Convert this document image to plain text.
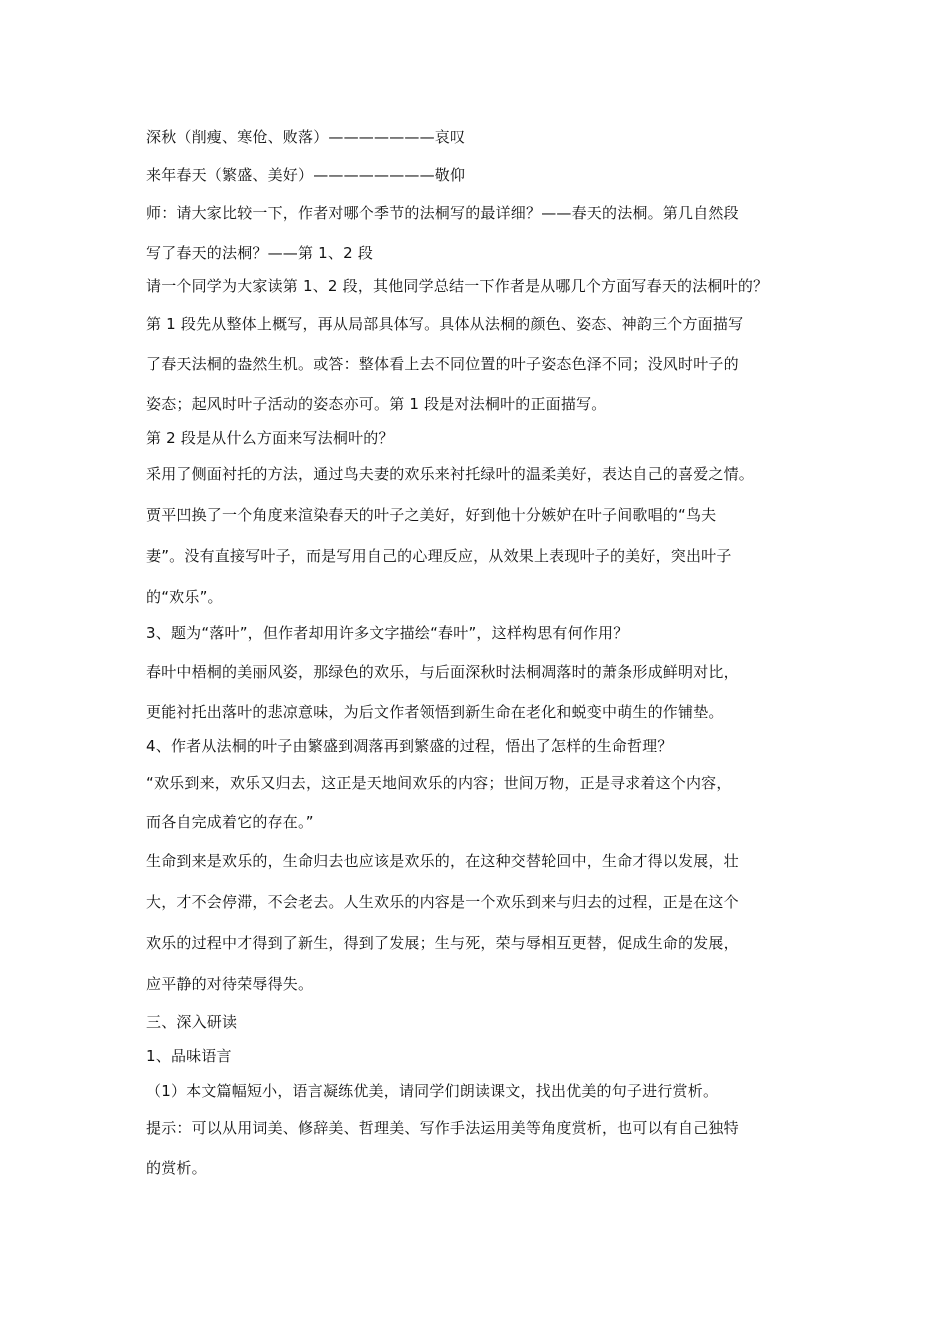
深秋（削瘦、寒伧、败落）———————哀叹
来年春天（繁盛、美好）————————敬仰
师：请大家比较一下，作者对哪个季节的法桐写的最详细？——春天的法桐。第几自然段
写了春天的法桐？——第 1、2 段
请一个同学为大家读第 1、2 段，其他同学总结一下作者是从哪几个方面写春天的法桐叶的？
第 1 段先从整体上概写，再从局部具体写。具体从法桐的颜色、姿态、神韵三个方面描写
了春天法桐的盎然生机。或答：整体看上去不同位置的叶子姿态色泽不同；没风时叶子的
姿态；起风时叶子活动的姿态亦可。第 1 段是对法桐叶的正面描写。
第 2 段是从什么方面来写法桐叶的？
采用了侧面衬托的方法，通过鸟夫妻的欢乐来衬托绿叶的温柔美好，表达自己的喜爱之情。
贾平凹换了一个角度来渲染春天的叶子之美好，好到他十分嫉妒在叶子间歌唱的“鸟夫
妻”。没有直接写叶子，而是写用自己的心理反应，从效果上表现叶子的美好，突出叶子
的“欢乐”。
3、题为“落叶”，但作者却用许多文字描绘“春叶”，这样构思有何作用？
春叶中梧桐的美丽风姿，那绿色的欢乐，与后面深秋时法桐凋落时的萧条形成鲜明对比，
更能衬托出落叶的悲凉意味，为后文作者领悟到新生命在老化和蜕变中萌生的作铺垫。
4、作者从法桐的叶子由繁盛到凋落再到繁盛的过程，悟出了怎样的生命哲理？
“欢乐到来，欢乐又归去，这正是天地间欢乐的内容；世间万物，正是寻求着这个内容，
而各自完成着它的存在。”
生命到来是欢乐的，生命归去也应该是欢乐的，在这种交替轮回中，生命才得以发展，壮
大，才不会停滞，不会老去。人生欢乐的内容是一个欢乐到来与归去的过程，正是在这个
欢乐的过程中才得到了新生，得到了发展；生与死，荣与辱相互更替，促成生命的发展，
应平静的对待荣辱得失。
三、深入研读
1、品味语言
（1）本文篇幅短小，语言凝练优美，请同学们朗读课文，找出优美的句子进行赏析。
提示：可以从用词美、修辞美、哲理美、写作手法运用美等角度赏析，也可以有自己独特
的赏析。
